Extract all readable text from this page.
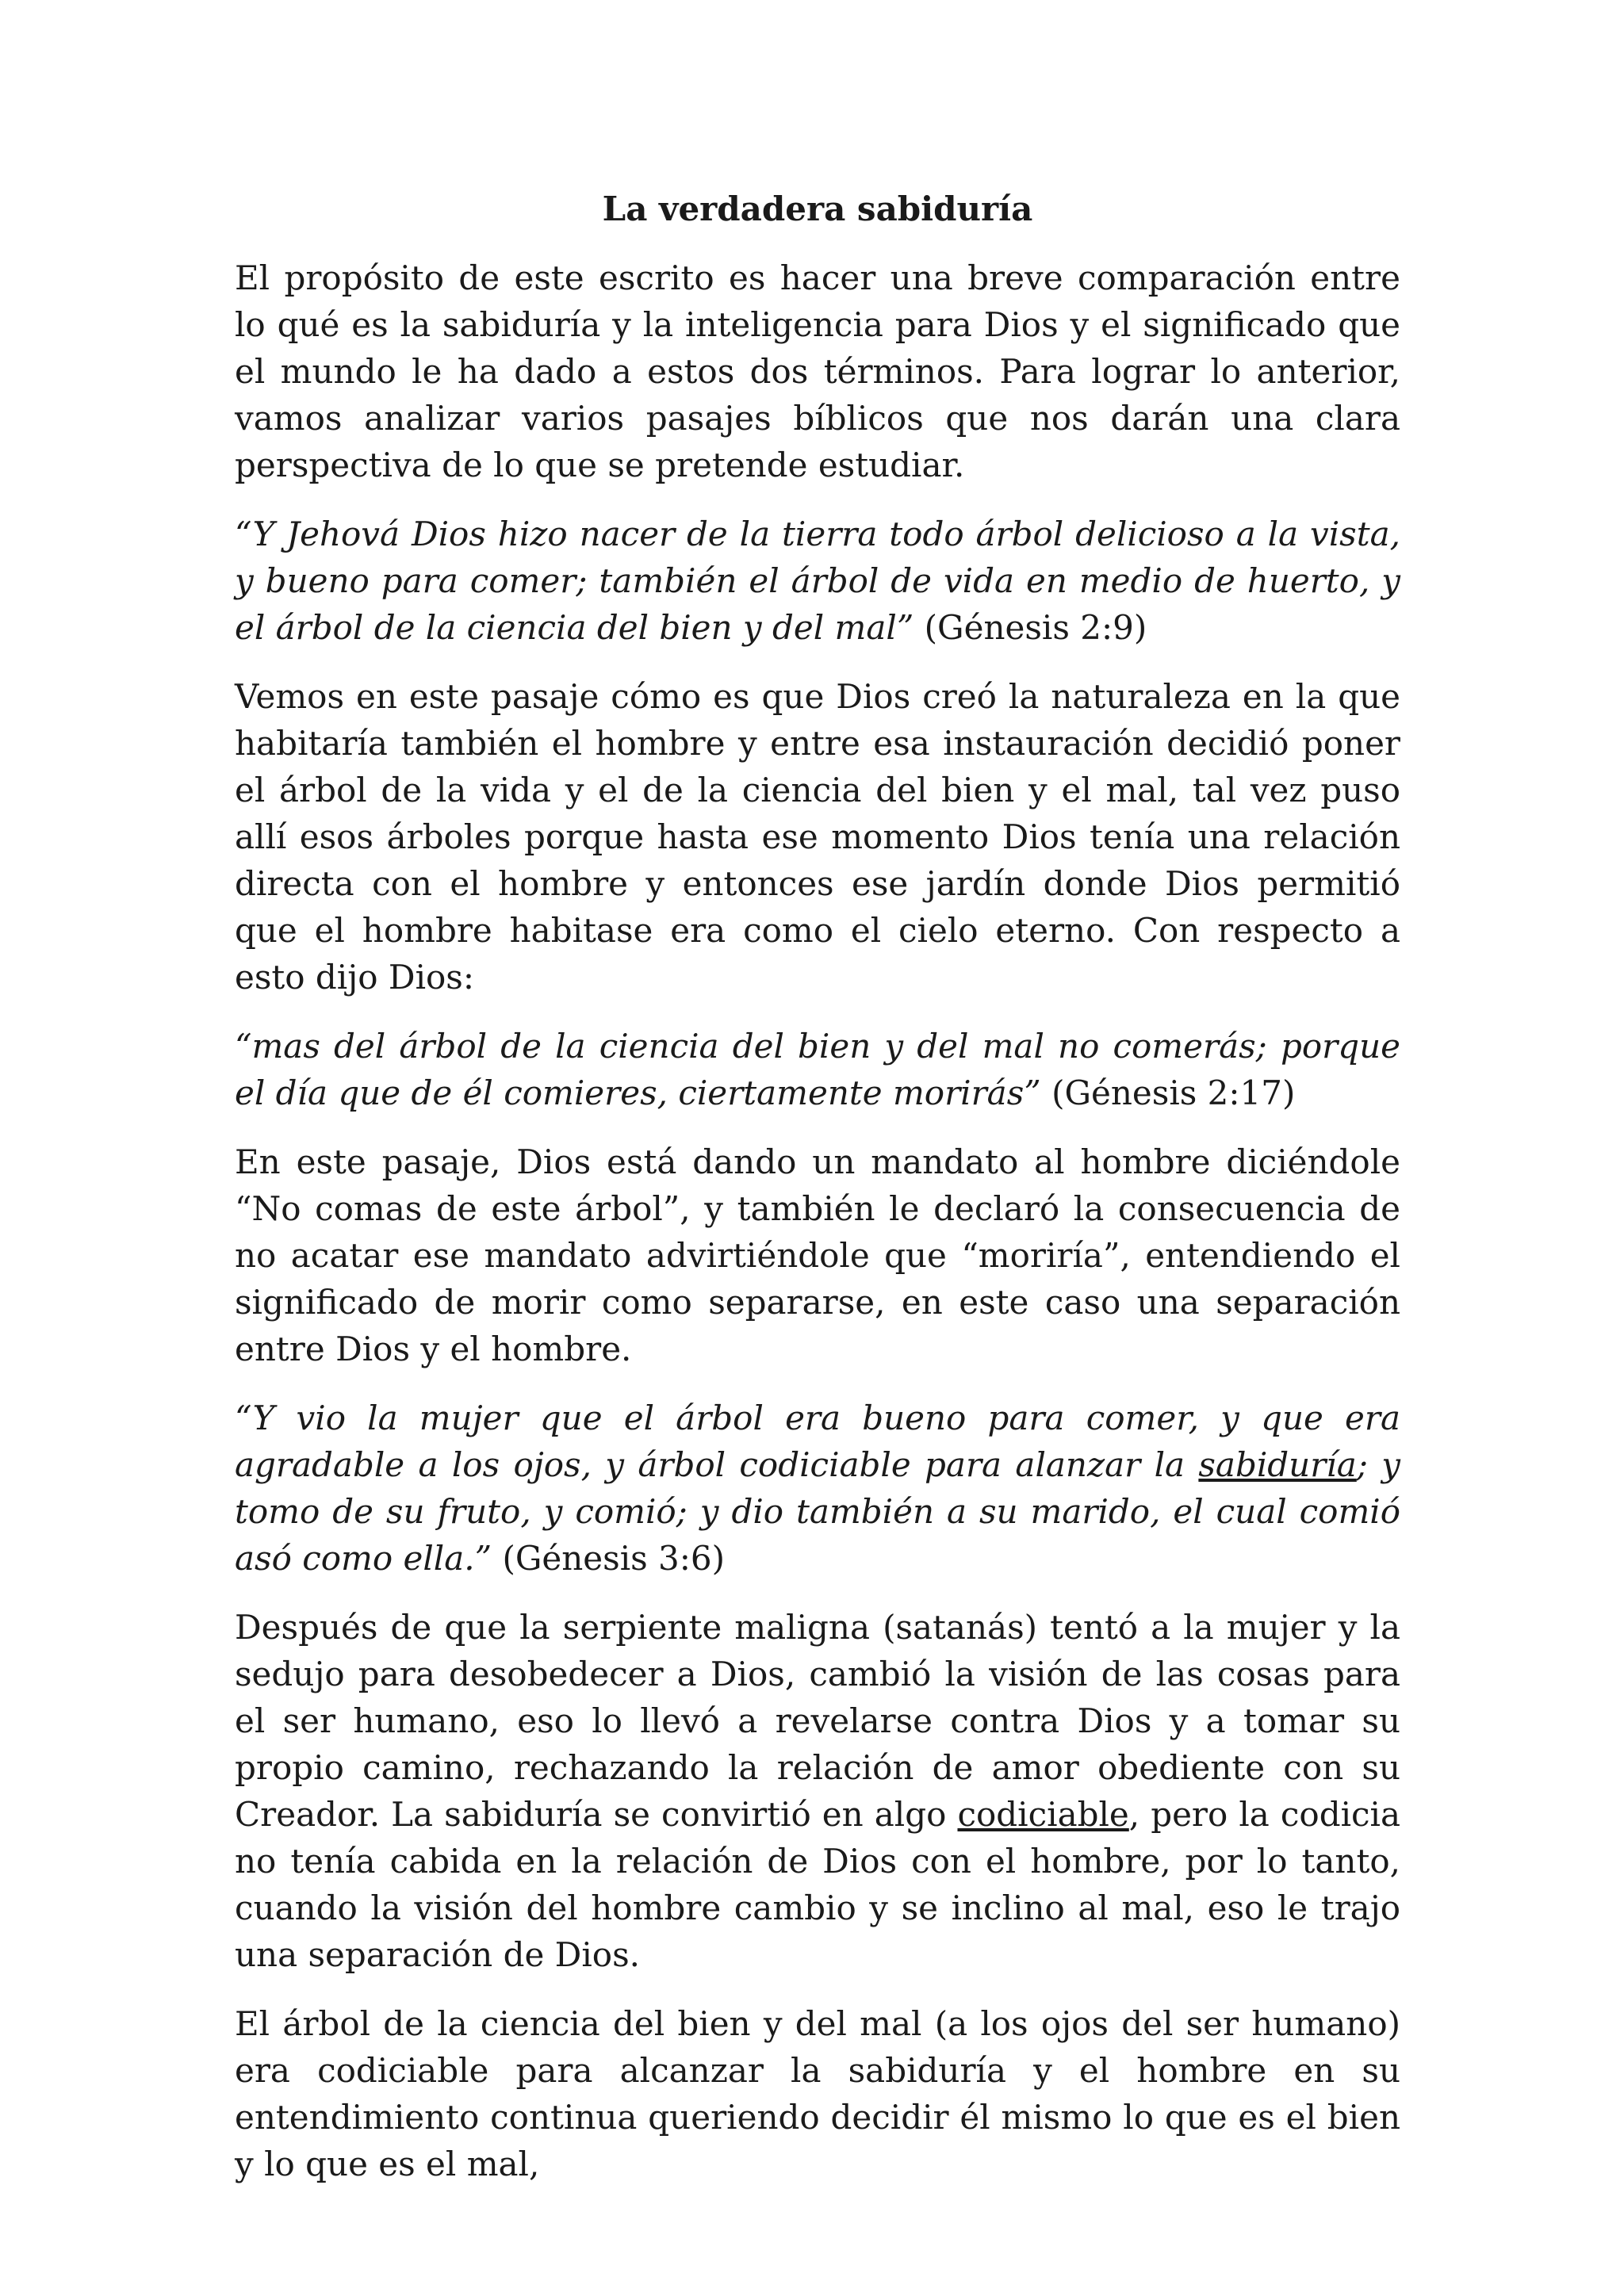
La verdadera sabiduría

El propósito de este escrito es hacer una breve comparación entre lo qué es la sabiduría y la inteligencia para Dios y el significado que el mundo le ha dado a estos dos términos. Para lograr lo anterior, vamos analizar varios pasajes bíblicos que nos darán una clara perspectiva de lo que se pretende estudiar.

“Y Jehová Dios hizo nacer de la tierra todo árbol delicioso a la vista, y bueno para comer; también el árbol de vida en medio de huerto, y el árbol de la ciencia del bien y del mal” (Génesis 2:9)

Vemos en este pasaje cómo es que Dios creó la naturaleza en la que habitaría también el hombre y entre esa instauración decidió poner el árbol de la vida y el de la ciencia del bien y el mal, tal vez puso allí esos árboles porque hasta ese momento Dios tenía una relación directa con el hombre y entonces ese jardín donde Dios permitió que el hombre habitase era como el cielo eterno. Con respecto a esto dijo Dios:

“mas del árbol de la ciencia del bien y del mal no comerás; porque el día que de él comieres, ciertamente morirás” (Génesis 2:17)

En este pasaje, Dios está dando un mandato al hombre diciéndole “No comas de este árbol”, y también le declaró la consecuencia de no acatar ese mandato advirtiéndole que “moriría”, entendiendo el significado de morir como separarse, en este caso una separación entre Dios y el hombre.

“Y vio la mujer que el árbol era bueno para comer, y que era agradable a los ojos, y árbol codiciable para alanzar la sabiduría; y tomo de su fruto, y comió; y dio también a su marido, el cual comió asó como ella.” (Génesis 3:6)

Después de que la serpiente maligna (satanás) tentó a la mujer y la sedujo para desobedecer a Dios, cambió la visión de las cosas para el ser humano, eso lo llevó a revelarse contra Dios y a tomar su propio camino, rechazando la relación de amor obediente con su Creador. La sabiduría se convirtió en algo codiciable, pero la codicia no tenía cabida en la relación de Dios con el hombre, por lo tanto, cuando la visión del hombre cambio y se inclino al mal, eso le trajo una separación de Dios.

El árbol de la ciencia del bien y del mal (a los ojos del ser humano) era codiciable para alcanzar la sabiduría y el hombre en su entendimiento continua queriendo decidir él mismo lo que es el bien y lo que es el mal,
